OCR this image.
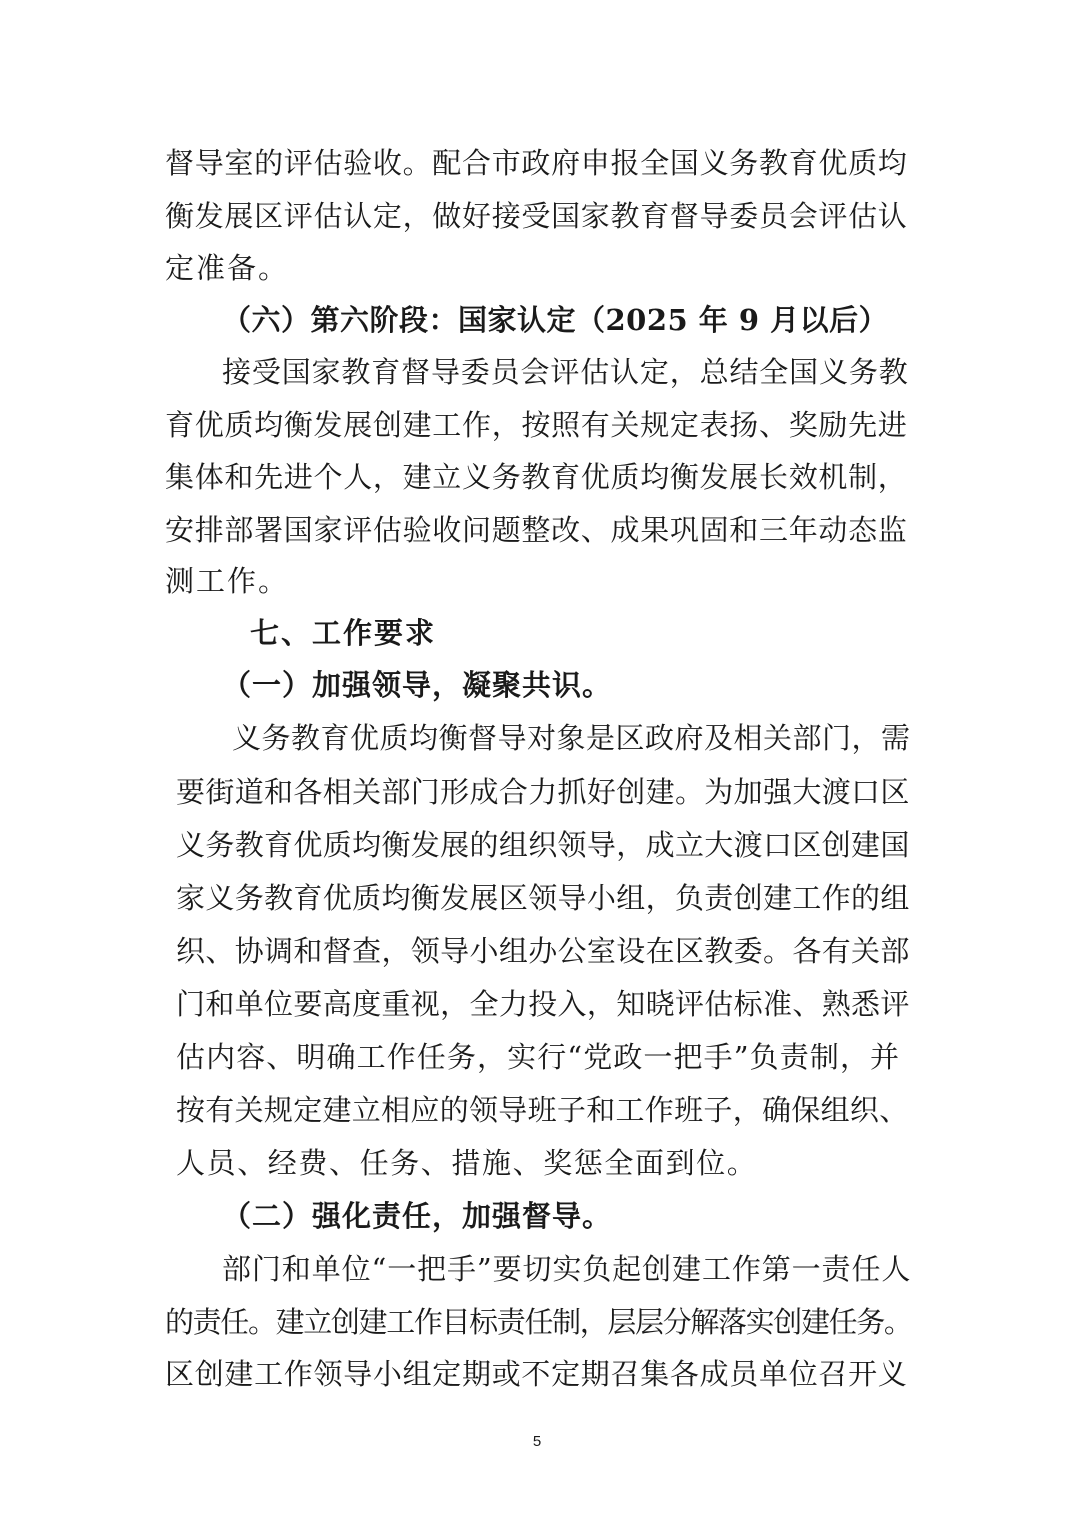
督导室的评估验收。配合市政府申报全国义务教育优质均
衡发展区评估认定，做好接受国家教育督导委员会评估认
定准备。
（六）第六阶段：国家认定（2025 年 9 月以后）
接受国家教育督导委员会评估认定，总结全国义务教
育优质均衡发展创建工作，按照有关规定表扬、奖励先进
集体和先进个人，建立义务教育优质均衡发展长效机制，
安排部署国家评估验收问题整改、成果巩固和三年动态监
测工作。
七、工作要求
（一）加强领导，凝聚共识。
义务教育优质均衡督导对象是区政府及相关部门，需
要街道和各相关部门形成合力抓好创建。为加强大渡口区
义务教育优质均衡发展的组织领导，成立大渡口区创建国
家义务教育优质均衡发展区领导小组，负责创建工作的组
织、协调和督查，领导小组办公室设在区教委。各有关部
门和单位要高度重视，全力投入，知晓评估标准、熟悉评
估内容、明确工作任务，实行“党政一把手”负责制，并
按有关规定建立相应的领导班子和工作班子，确保组织、
人员、经费、任务、措施、奖惩全面到位。
（二）强化责任，加强督导。
部门和单位“一把手”要切实负起创建工作第一责任人
的责任。建立创建工作目标责任制，层层分解落实创建任务。
区创建工作领导小组定期或不定期召集各成员单位召开义
5
